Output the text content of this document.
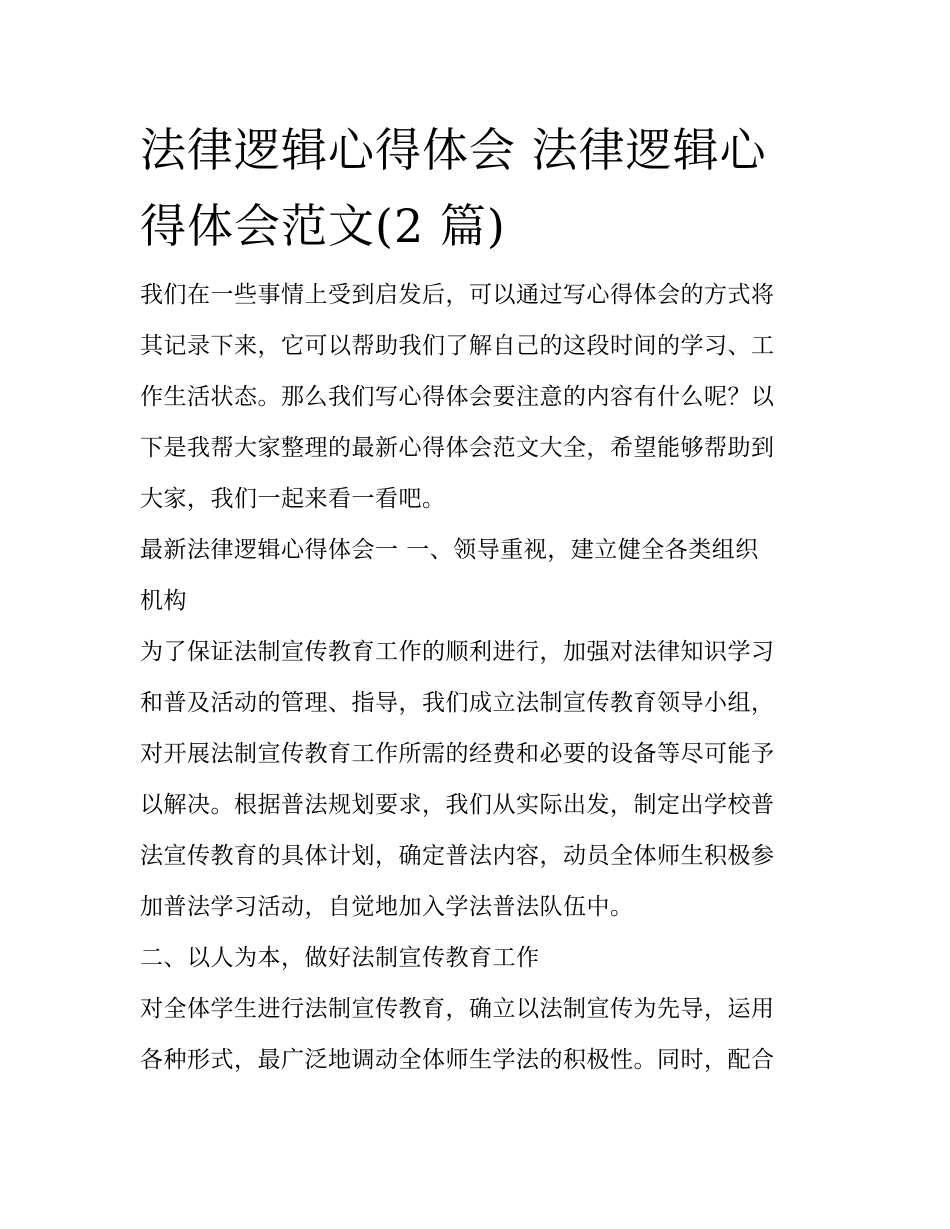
法律逻辑心得体会 法律逻辑心
得体会范文(2 篇)

我们在一些事情上受到启发后，可以通过写心得体会的方式将
其记录下来，它可以帮助我们了解自己的这段时间的学习、工
作生活状态。那么我们写心得体会要注意的内容有什么呢？以
下是我帮大家整理的最新心得体会范文大全，希望能够帮助到
大家，我们一起来看一看吧。

最新法律逻辑心得体会一 一、领导重视，建立健全各类组织
机构

为了保证法制宣传教育工作的顺利进行，加强对法律知识学习
和普及活动的管理、指导，我们成立法制宣传教育领导小组，
对开展法制宣传教育工作所需的经费和必要的设备等尽可能予
以解决。根据普法规划要求，我们从实际出发，制定出学校普
法宣传教育的具体计划，确定普法内容，动员全体师生积极参
加普法学习活动，自觉地加入学法普法队伍中。

二、以人为本，做好法制宣传教育工作

对全体学生进行法制宣传教育，确立以法制宣传为先导，运用
各种形式，最广泛地调动全体师生学法的积极性。同时，配合
